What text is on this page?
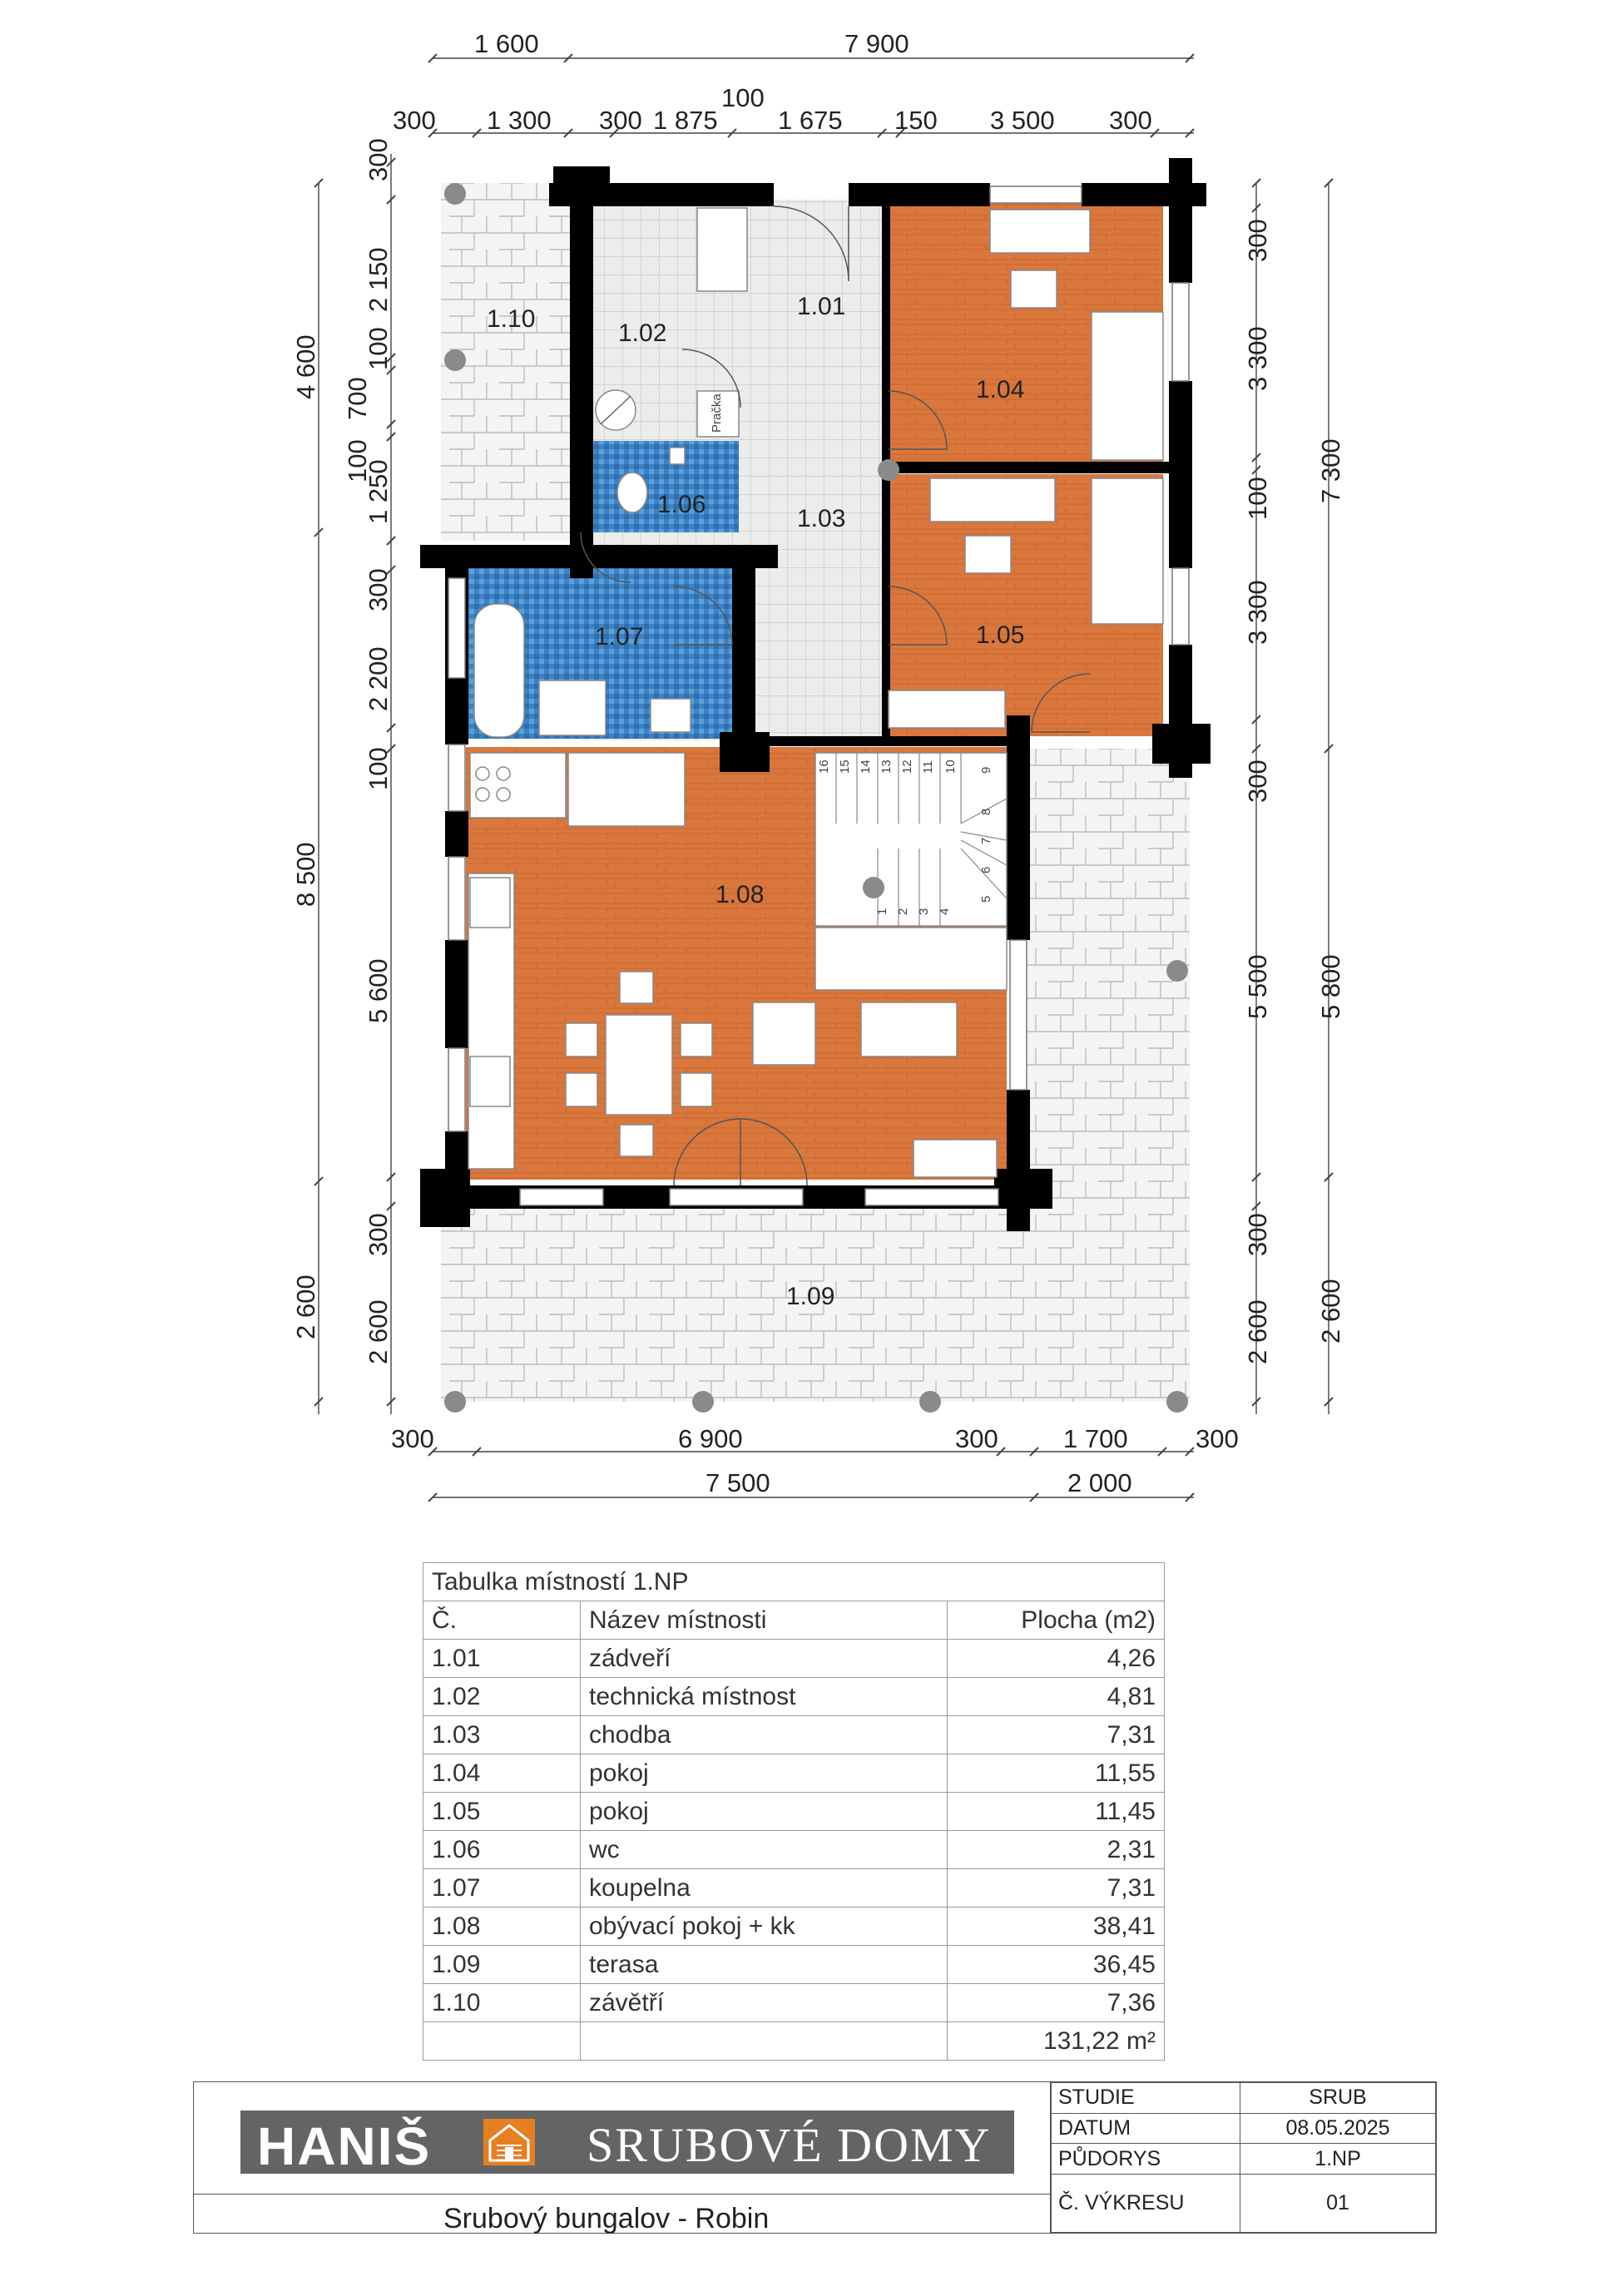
1 2 3 4
5
6
7
8
9
10
11
12
13
14
15
16
1.01
1.02
1.03
1.04
1.05
1.06
1.07
1.08
1.09
1.10
Pračka
1 600	7 900
100
300 1 300 300 1 875 1 675 150 3 500 300
4 600
8 500
2 600
300
2 150
100
700
100
1 250
300
2 200
100
5 600
300
2 600
300
3 300
100
3 300
300
5 500
300
2 600
7 300
5 800
2 600
300	6 900	300	1 700	300
7 500	2 000
Tabulka místností 1.NP		
Č.	Název místnosti	Plocha (m2)
1.01	zádveří	4,26
1.02	technická místnost	4,81
1.03	chodba	7,31
1.04	pokoj	11,55
1.05	pokoj	11,45
1.06	wc	2,31
1.07	koupelna	7,31
1.08	obývací pokoj + kk	38,41
1.09	terasa	36,45
1.10	závětří	7,36
		131,22 m²
HANIŠ	SRUBOVÉ DOMY
Srubový bungalov - Robin
STUDIE	SRUB
DATUM	08.05.2025
PŮDORYS	1.NP
Č. VÝKRESU	01
